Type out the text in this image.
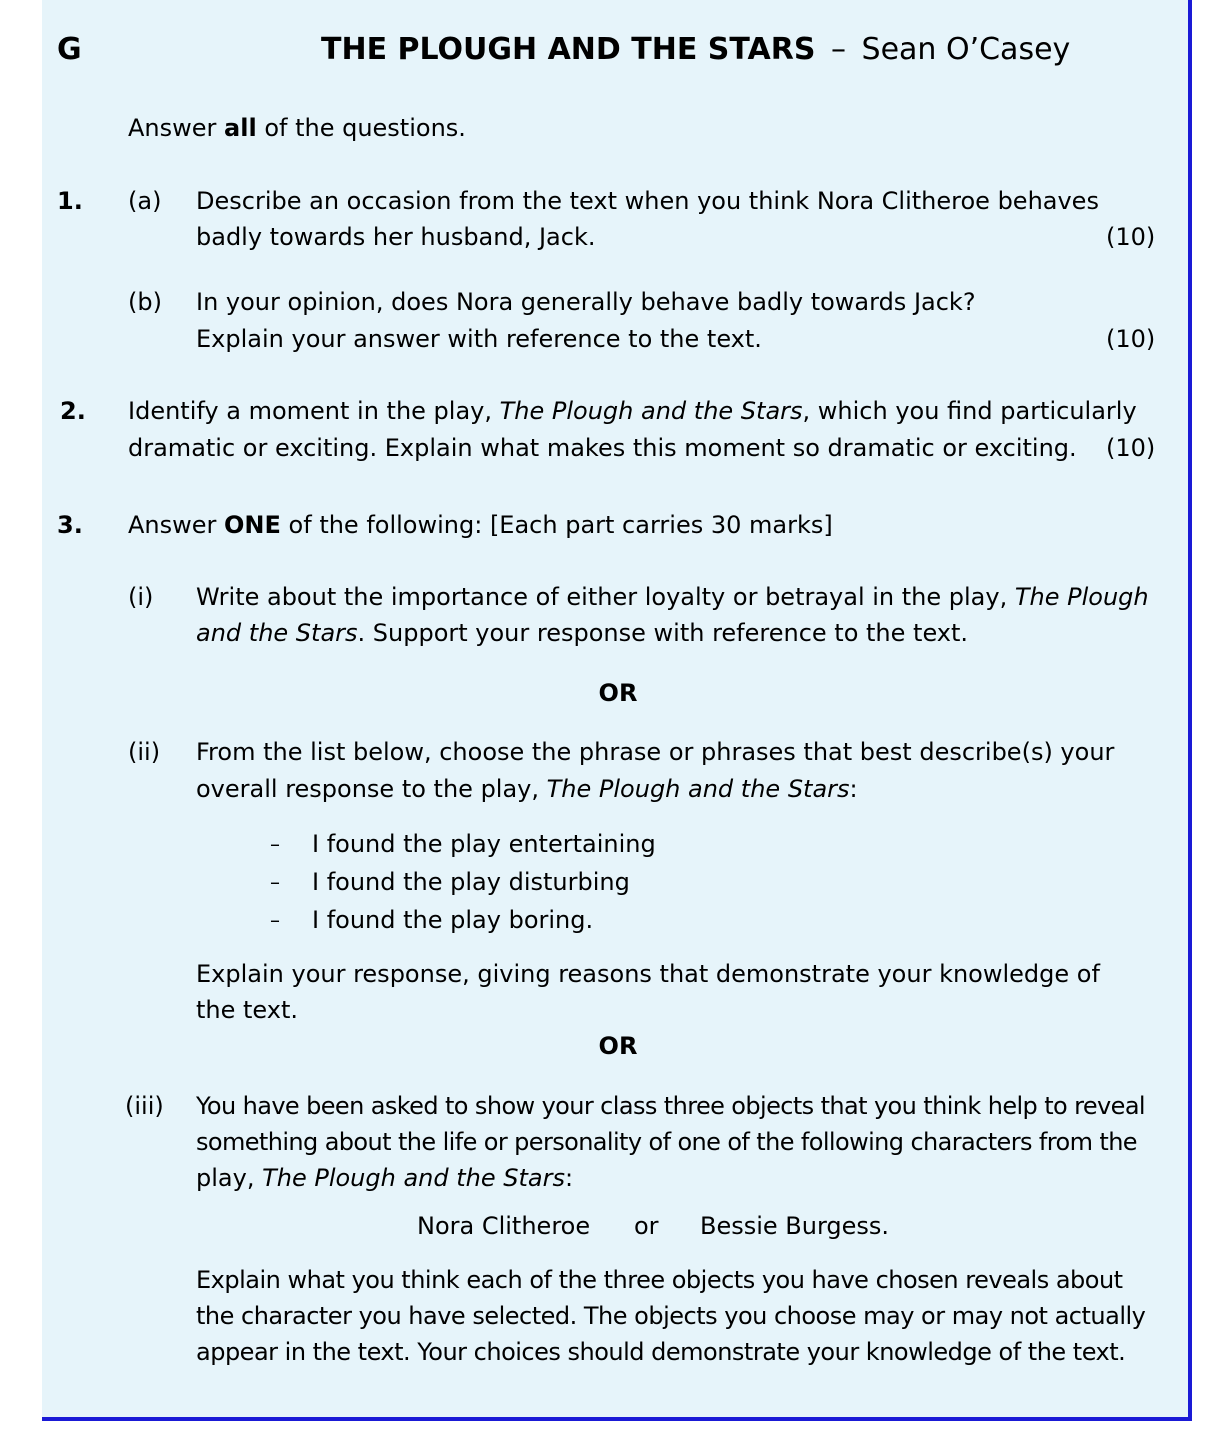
G	THE PLOUGH AND THE STARS – Sean O’Casey
Answer all of the questions.
1. (a) Describe an occasion from the text when you think Nora Clitheroe behaves
badly towards her husband, Jack.	(10)
(b) In your opinion, does Nora generally behave badly towards Jack?
Explain your answer with reference to the text.	(10)
2. Identify a moment in the play, The Plough and the Stars, which you find particularly
dramatic or exciting. Explain what makes this moment so dramatic or exciting. (10)
3. Answer ONE of the following: [Each part carries 30 marks]
(i) Write about the importance of either loyalty or betrayal in the play, The Plough
and the Stars. Support your response with reference to the text.
OR
(ii) From the list below, choose the phrase or phrases that best describe(s) your
overall response to the play, The Plough and the Stars:
– I found the play entertaining
– I found the play disturbing
– I found the play boring.
Explain your response, giving reasons that demonstrate your knowledge of
the text.
OR
(iii) You have been asked to show your class three objects that you think help to reveal
something about the life or personality of one of the following characters from the
play, The Plough and the Stars:
Nora Clitheroe or Bessie Burgess.
Explain what you think each of the three objects you have chosen reveals about
the character you have selected. The objects you choose may or may not actually
appear in the text. Your choices should demonstrate your knowledge of the text.
